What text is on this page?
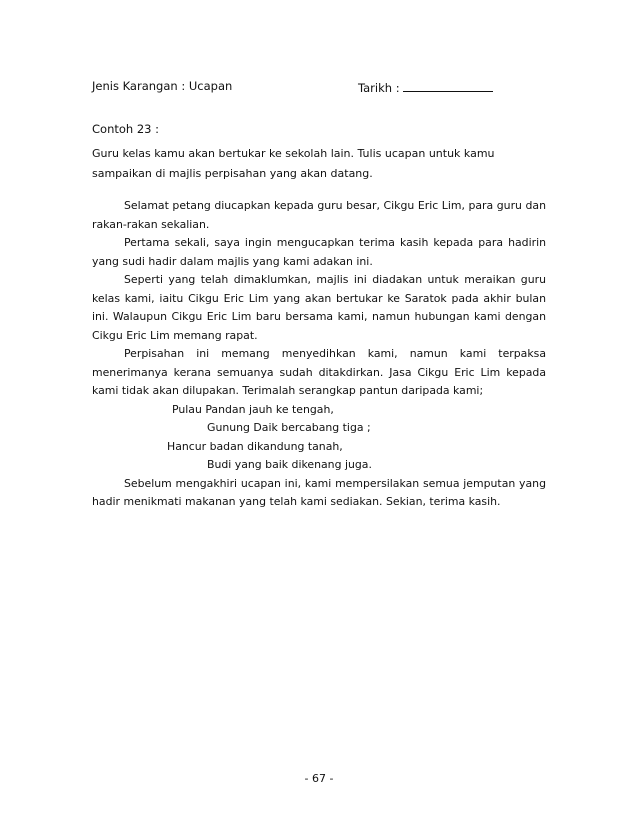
Jenis Karangan : Ucapan	Tarikh :
Contoh 23 :

Guru kelas kamu akan bertukar ke sekolah lain. Tulis ucapan untuk kamu

sampaikan di majlis perpisahan yang akan datang.

Selamat petang diucapkan kepada guru besar, Cikgu Eric Lim, para guru dan rakan-rakan sekalian.

Pertama sekali, saya ingin mengucapkan terima kasih kepada para hadirin yang sudi hadir dalam majlis yang kami adakan ini.

Seperti yang telah dimaklumkan, majlis ini diadakan untuk meraikan guru kelas kami, iaitu Cikgu Eric Lim yang akan bertukar ke Saratok pada akhir bulan ini. Walaupun Cikgu Eric Lim baru bersama kami, namun hubungan kami dengan Cikgu Eric Lim memang rapat.

Perpisahan ini memang menyedihkan kami, namun kami terpaksa menerimanya kerana semuanya sudah ditakdirkan. Jasa Cikgu Eric Lim kepada kami tidak akan dilupakan. Terimalah serangkap pantun daripada kami;

Pulau Pandan jauh ke tengah,

Gunung Daik bercabang tiga ;

Hancur badan dikandung tanah,

Budi yang baik dikenang juga.

Sebelum mengakhiri ucapan ini, kami mempersilakan semua jemputan yang hadir menikmati makanan yang telah kami sediakan. Sekian, terima kasih.

- 67 -
